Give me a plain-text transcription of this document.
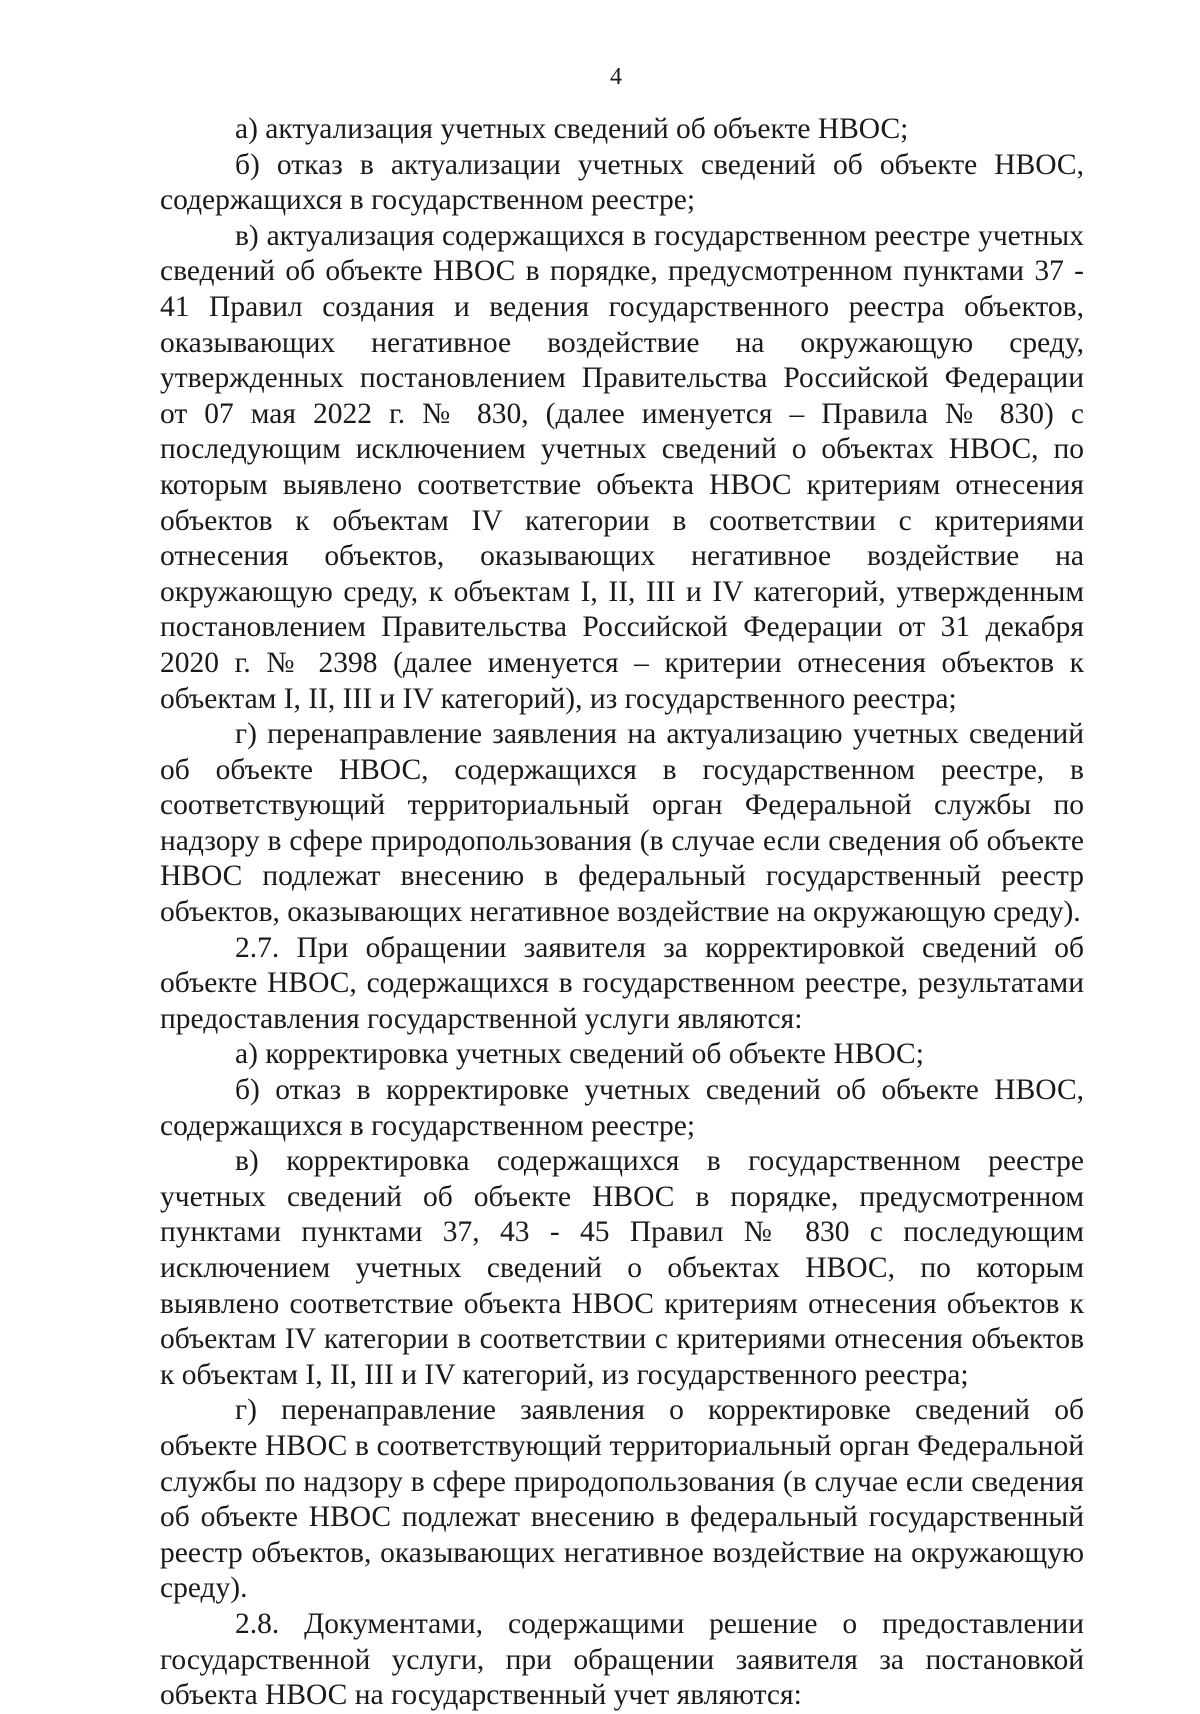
4

а) актуализация учетных сведений об объекте НВОС;

б) отказ в актуализации учетных сведений об объекте НВОС, содержащихся в государственном реестре;

в) актуализация содержащихся в государственном реестре учетных сведений об объекте НВОС в порядке, предусмотренном пунктами 37 - 41 Правил создания и ведения государственного реестра объектов, оказывающих негативное воздействие на окружающую среду, утвержденных постановлением Правительства Российской Федерации от 07 мая 2022 г. № 830, (далее именуется – Правила № 830) с последующим исключением учетных сведений о объектах НВОС, по которым выявлено соответствие объекта НВОС критериям отнесения объектов к объектам IV категории в соответствии с критериями отнесения объектов, оказывающих негативное воздействие на окружающую среду, к объектам I, II, III и IV категорий, утвержденным постановлением Правительства Российской Федерации от 31 декабря 2020 г. № 2398 (далее именуется – критерии отнесения объектов к объектам I, II, III и IV категорий), из государственного реестра;

г) перенаправление заявления на актуализацию учетных сведений об объекте НВОС, содержащихся в государственном реестре, в соответствующий территориальный орган Федеральной службы по надзору в сфере природопользования (в случае если сведения об объекте НВОС подлежат внесению в федеральный государственный реестр объектов, оказывающих негативное воздействие на окружающую среду).

2.7. При обращении заявителя за корректировкой сведений об объекте НВОС, содержащихся в государственном реестре, результатами предоставления государственной услуги являются:

а) корректировка учетных сведений об объекте НВОС;

б) отказ в корректировке учетных сведений об объекте НВОС, содержащихся в государственном реестре;

в) корректировка содержащихся в государственном реестре учетных сведений об объекте НВОС в порядке, предусмотренном пунктами пунктами 37, 43 - 45 Правил № 830 с последующим исключением учетных сведений о объектах НВОС, по которым выявлено соответствие объекта НВОС критериям отнесения объектов к объектам IV категории в соответствии с критериями отнесения объектов к объектам I, II, III и IV категорий, из государственного реестра;

г) перенаправление заявления о корректировке сведений об объекте НВОС в соответствующий территориальный орган Федеральной службы по надзору в сфере природопользования (в случае если сведения об объекте НВОС подлежат внесению в федеральный государственный реестр объектов, оказывающих негативное воздействие на окружающую среду).

2.8. Документами, содержащими решение о предоставлении государственной услуги, при обращении заявителя за постановкой объекта НВОС на государственный учет являются:
